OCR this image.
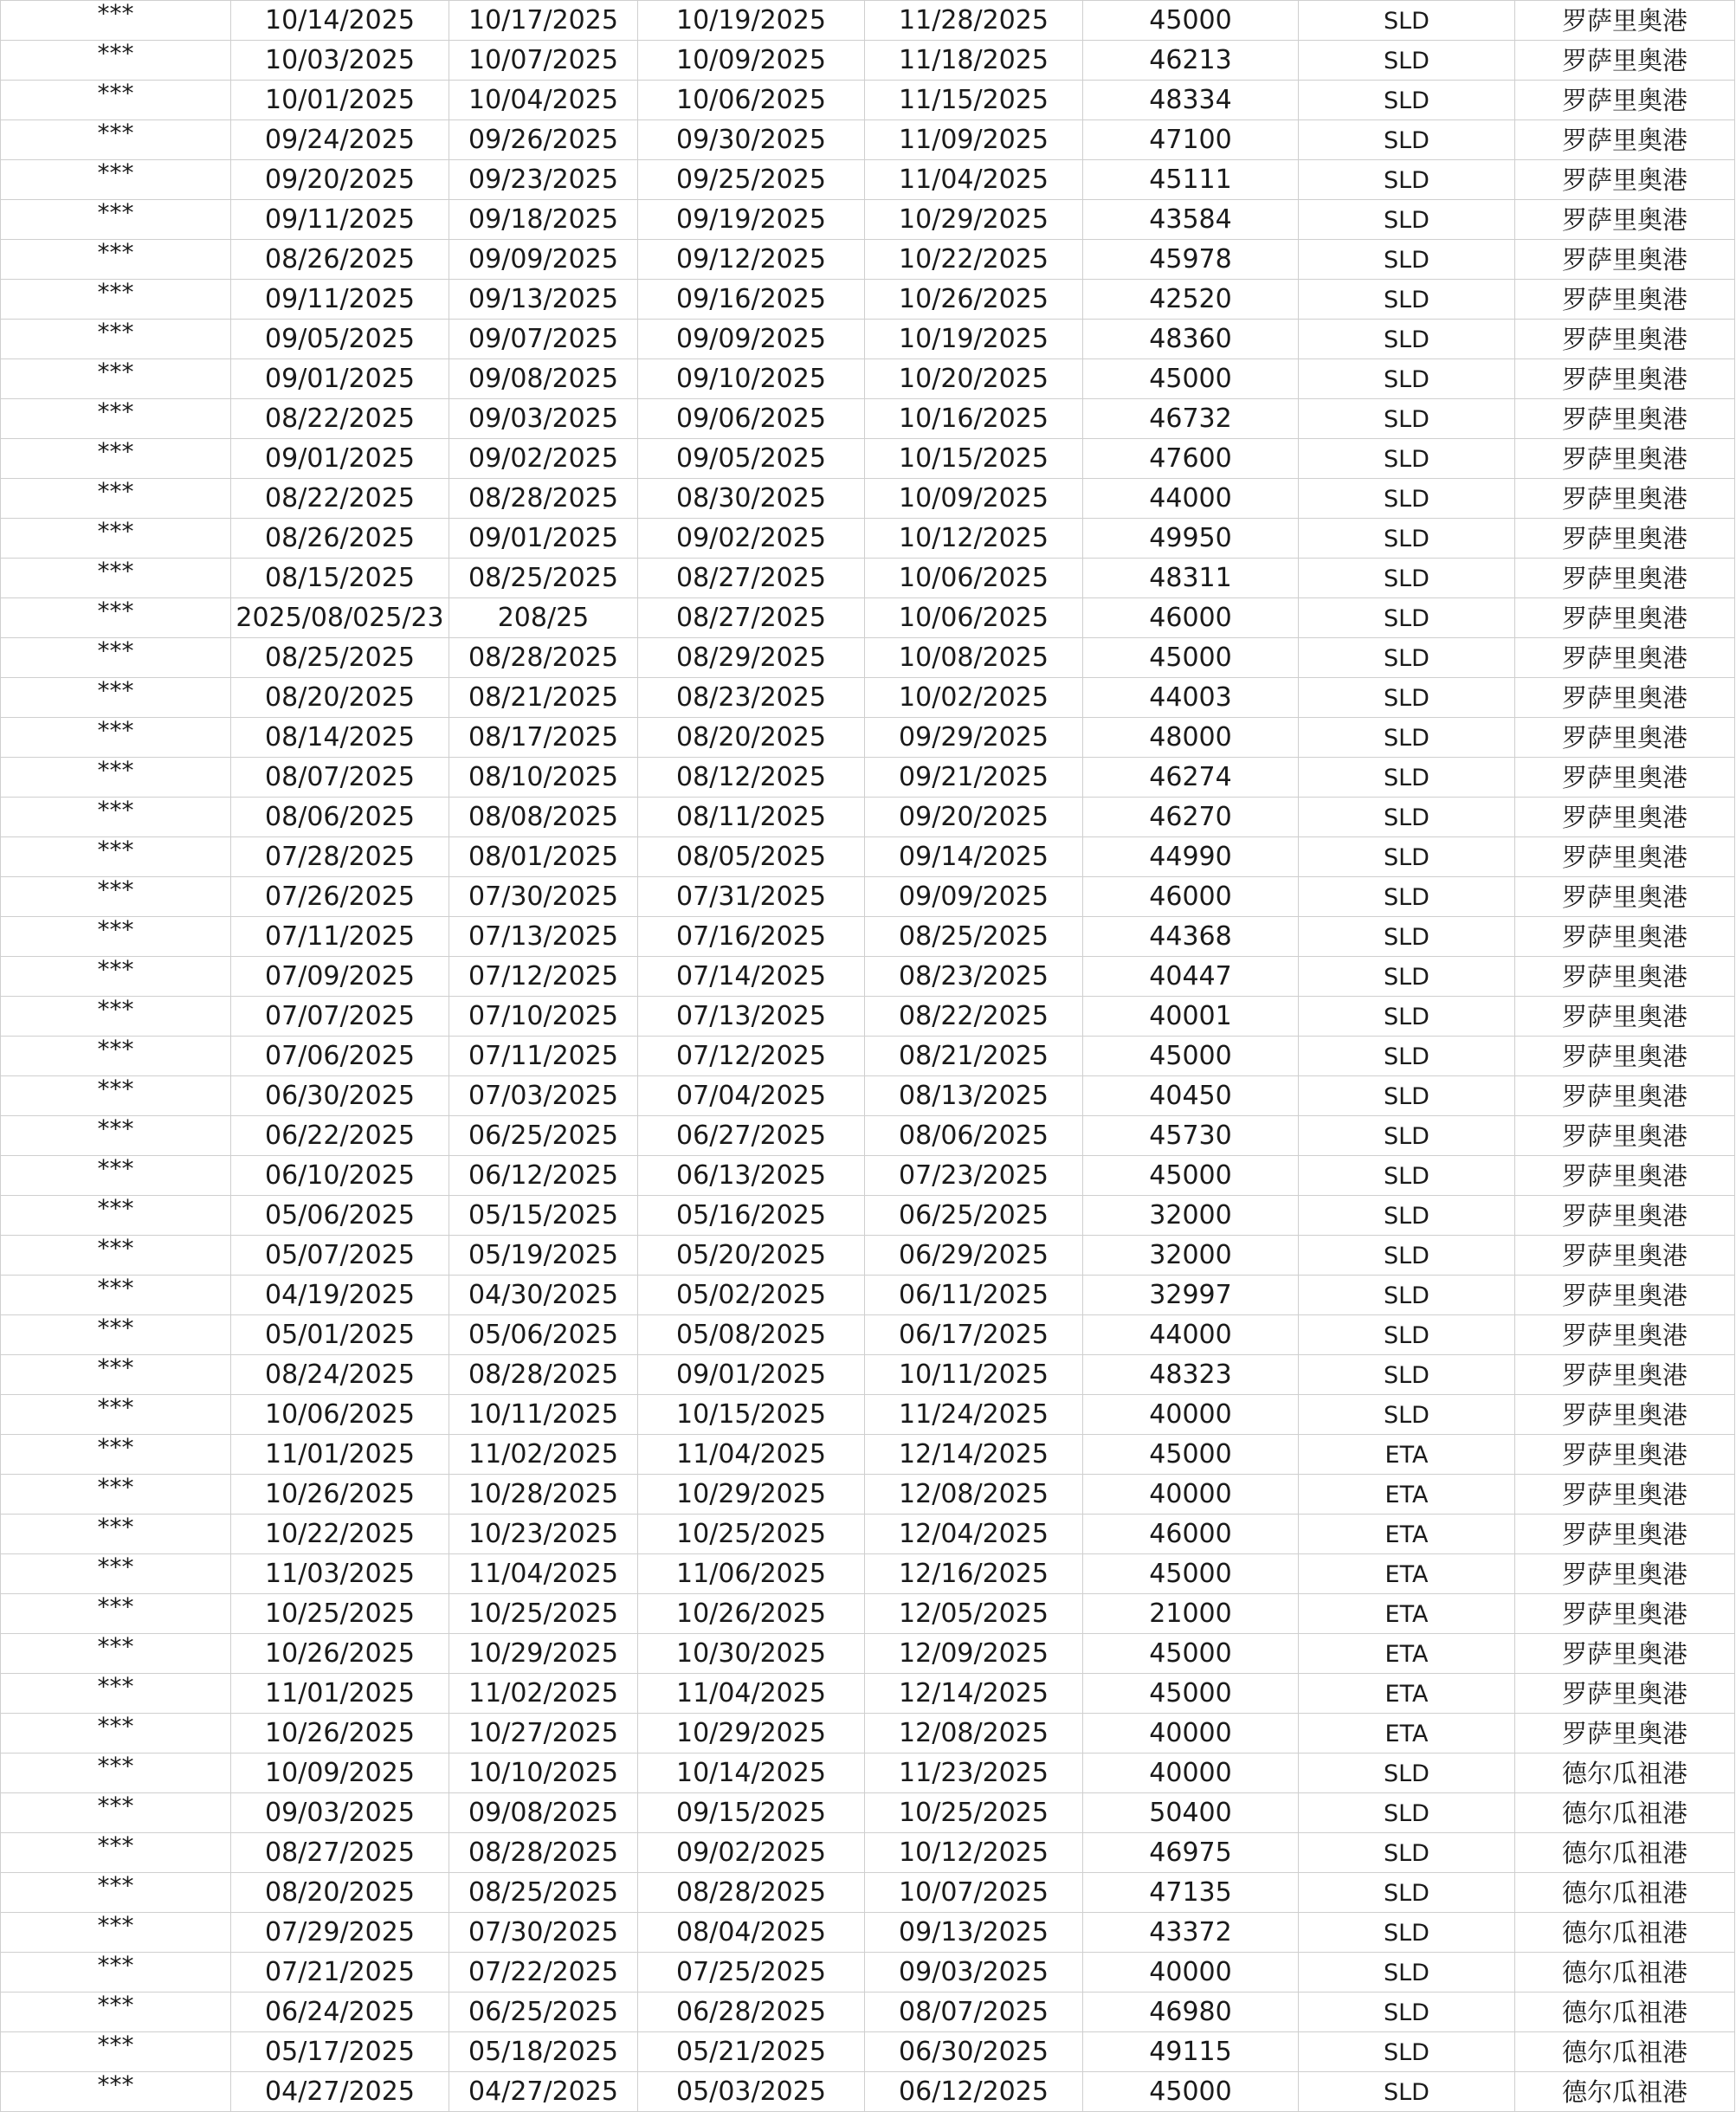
***	10/14/2025	10/17/2025	10/19/2025	11/28/2025	45000	SLD	罗萨里奥港
***	10/03/2025	10/07/2025	10/09/2025	11/18/2025	46213	SLD	罗萨里奥港
***	10/01/2025	10/04/2025	10/06/2025	11/15/2025	48334	SLD	罗萨里奥港
***	09/24/2025	09/26/2025	09/30/2025	11/09/2025	47100	SLD	罗萨里奥港
***	09/20/2025	09/23/2025	09/25/2025	11/04/2025	45111	SLD	罗萨里奥港
***	09/11/2025	09/18/2025	09/19/2025	10/29/2025	43584	SLD	罗萨里奥港
***	08/26/2025	09/09/2025	09/12/2025	10/22/2025	45978	SLD	罗萨里奥港
***	09/11/2025	09/13/2025	09/16/2025	10/26/2025	42520	SLD	罗萨里奥港
***	09/05/2025	09/07/2025	09/09/2025	10/19/2025	48360	SLD	罗萨里奥港
***	09/01/2025	09/08/2025	09/10/2025	10/20/2025	45000	SLD	罗萨里奥港
***	08/22/2025	09/03/2025	09/06/2025	10/16/2025	46732	SLD	罗萨里奥港
***	09/01/2025	09/02/2025	09/05/2025	10/15/2025	47600	SLD	罗萨里奥港
***	08/22/2025	08/28/2025	08/30/2025	10/09/2025	44000	SLD	罗萨里奥港
***	08/26/2025	09/01/2025	09/02/2025	10/12/2025	49950	SLD	罗萨里奥港
***	08/15/2025	08/25/2025	08/27/2025	10/06/2025	48311	SLD	罗萨里奥港
***	2025/08/025/23	208/25	08/27/2025	10/06/2025	46000	SLD	罗萨里奥港
***	08/25/2025	08/28/2025	08/29/2025	10/08/2025	45000	SLD	罗萨里奥港
***	08/20/2025	08/21/2025	08/23/2025	10/02/2025	44003	SLD	罗萨里奥港
***	08/14/2025	08/17/2025	08/20/2025	09/29/2025	48000	SLD	罗萨里奥港
***	08/07/2025	08/10/2025	08/12/2025	09/21/2025	46274	SLD	罗萨里奥港
***	08/06/2025	08/08/2025	08/11/2025	09/20/2025	46270	SLD	罗萨里奥港
***	07/28/2025	08/01/2025	08/05/2025	09/14/2025	44990	SLD	罗萨里奥港
***	07/26/2025	07/30/2025	07/31/2025	09/09/2025	46000	SLD	罗萨里奥港
***	07/11/2025	07/13/2025	07/16/2025	08/25/2025	44368	SLD	罗萨里奥港
***	07/09/2025	07/12/2025	07/14/2025	08/23/2025	40447	SLD	罗萨里奥港
***	07/07/2025	07/10/2025	07/13/2025	08/22/2025	40001	SLD	罗萨里奥港
***	07/06/2025	07/11/2025	07/12/2025	08/21/2025	45000	SLD	罗萨里奥港
***	06/30/2025	07/03/2025	07/04/2025	08/13/2025	40450	SLD	罗萨里奥港
***	06/22/2025	06/25/2025	06/27/2025	08/06/2025	45730	SLD	罗萨里奥港
***	06/10/2025	06/12/2025	06/13/2025	07/23/2025	45000	SLD	罗萨里奥港
***	05/06/2025	05/15/2025	05/16/2025	06/25/2025	32000	SLD	罗萨里奥港
***	05/07/2025	05/19/2025	05/20/2025	06/29/2025	32000	SLD	罗萨里奥港
***	04/19/2025	04/30/2025	05/02/2025	06/11/2025	32997	SLD	罗萨里奥港
***	05/01/2025	05/06/2025	05/08/2025	06/17/2025	44000	SLD	罗萨里奥港
***	08/24/2025	08/28/2025	09/01/2025	10/11/2025	48323	SLD	罗萨里奥港
***	10/06/2025	10/11/2025	10/15/2025	11/24/2025	40000	SLD	罗萨里奥港
***	11/01/2025	11/02/2025	11/04/2025	12/14/2025	45000	ETA	罗萨里奥港
***	10/26/2025	10/28/2025	10/29/2025	12/08/2025	40000	ETA	罗萨里奥港
***	10/22/2025	10/23/2025	10/25/2025	12/04/2025	46000	ETA	罗萨里奥港
***	11/03/2025	11/04/2025	11/06/2025	12/16/2025	45000	ETA	罗萨里奥港
***	10/25/2025	10/25/2025	10/26/2025	12/05/2025	21000	ETA	罗萨里奥港
***	10/26/2025	10/29/2025	10/30/2025	12/09/2025	45000	ETA	罗萨里奥港
***	11/01/2025	11/02/2025	11/04/2025	12/14/2025	45000	ETA	罗萨里奥港
***	10/26/2025	10/27/2025	10/29/2025	12/08/2025	40000	ETA	罗萨里奥港
***	10/09/2025	10/10/2025	10/14/2025	11/23/2025	40000	SLD	德尔瓜祖港
***	09/03/2025	09/08/2025	09/15/2025	10/25/2025	50400	SLD	德尔瓜祖港
***	08/27/2025	08/28/2025	09/02/2025	10/12/2025	46975	SLD	德尔瓜祖港
***	08/20/2025	08/25/2025	08/28/2025	10/07/2025	47135	SLD	德尔瓜祖港
***	07/29/2025	07/30/2025	08/04/2025	09/13/2025	43372	SLD	德尔瓜祖港
***	07/21/2025	07/22/2025	07/25/2025	09/03/2025	40000	SLD	德尔瓜祖港
***	06/24/2025	06/25/2025	06/28/2025	08/07/2025	46980	SLD	德尔瓜祖港
***	05/17/2025	05/18/2025	05/21/2025	06/30/2025	49115	SLD	德尔瓜祖港
***	04/27/2025	04/27/2025	05/03/2025	06/12/2025	45000	SLD	德尔瓜祖港
